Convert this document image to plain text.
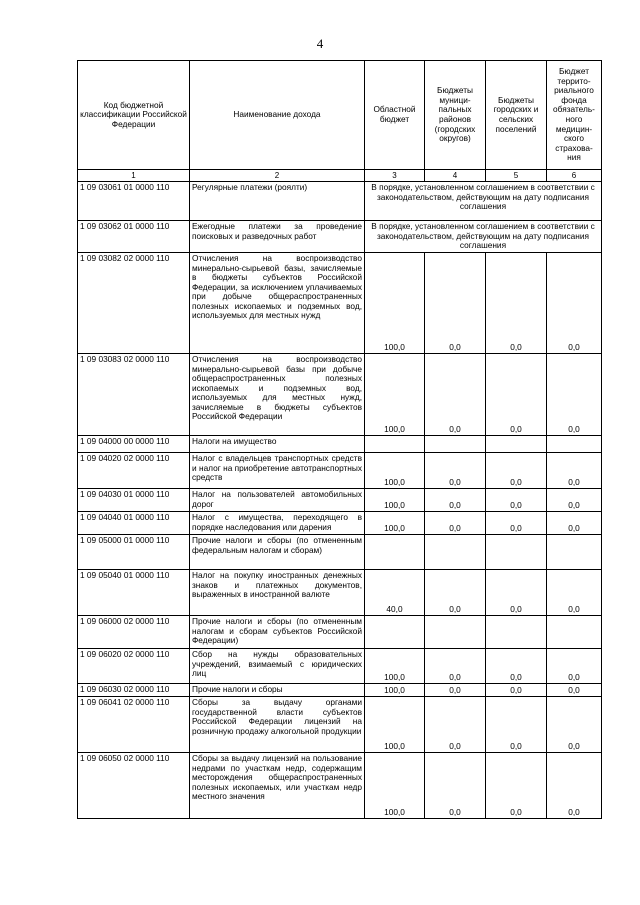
4
Код бюджетной классификации Российской Федерации	Наименование дохода	Областной бюджет	Бюджеты муници-пальных районов (городских округов)	Бюджеты городских и сельских поселений	Бюджет террито-риального фонда обязатель-ного медицин-ского страхова-ния
1	2	3	4	5	6
1 09 03061 01 0000 110	Регулярные платежи (роялти)	В порядке, установленном соглашением в соответствии с законодательством, действующим на дату подписания соглашения			
1 09 03062 01 0000 110	Ежегодные платежи за проведение поисковых и разведочных работ	В порядке, установленном соглашением в соответствии с законодательством, действующим на дату подписания соглашения			
1 09 03082 02 0000 110	Отчисления на воспроизводство минерально-сырьевой базы, зачисляемые в бюджеты субъектов Российской Федерации, за исключением уплачиваемых при добыче общераспространенных полезных ископаемых и подземных вод, используемых для местных нужд	100,0	0,0	0,0	0,0
1 09 03083 02 0000 110	Отчисления на воспроизводство минерально-сырьевой базы при добыче общераспространенных полезных ископаемых и подземных вод, используемых для местных нужд, зачисляемые в бюджеты субъектов Российской Федерации	100,0	0,0	0,0	0,0
1 09 04000 00 0000 110	Налоги на имущество				
1 09 04020 02 0000 110	Налог с владельцев транспортных средств и налог на приобретение автотранспортных средств	100,0	0,0	0,0	0,0
1 09 04030 01 0000 110	Налог на пользователей автомобильных дорог	100,0	0,0	0,0	0,0
1 09 04040 01 0000 110	Налог с имущества, переходящего в порядке наследования или дарения	100,0	0,0	0,0	0,0
1 09 05000 01 0000 110	Прочие налоги и сборы (по отмененным федеральным налогам и сборам)				
1 09 05040 01 0000 110	Налог на покупку иностранных денежных знаков и платежных документов, выраженных в иностранной валюте	40,0	0,0	0,0	0,0
1 09 06000 02 0000 110	Прочие налоги и сборы (по отмененным налогам и сборам субъектов Российской Федерации)				
1 09 06020 02 0000 110	Сбор на нужды образовательных учреждений, взимаемый с юридических лиц	100,0	0,0	0,0	0,0
1 09 06030 02 0000 110	Прочие налоги и сборы	100,0	0,0	0,0	0,0
1 09 06041 02 0000 110	Сборы за выдачу органами государственной власти субъектов Российской Федерации лицензий на розничную продажу алкогольной продукции	100,0	0,0	0,0	0,0
1 09 06050 02 0000 110	Сборы за выдачу лицензий на пользование недрами по участкам недр, содержащим месторождения общераспространенных полезных ископаемых, или участкам недр местного значения	100,0	0,0	0,0	0,0
